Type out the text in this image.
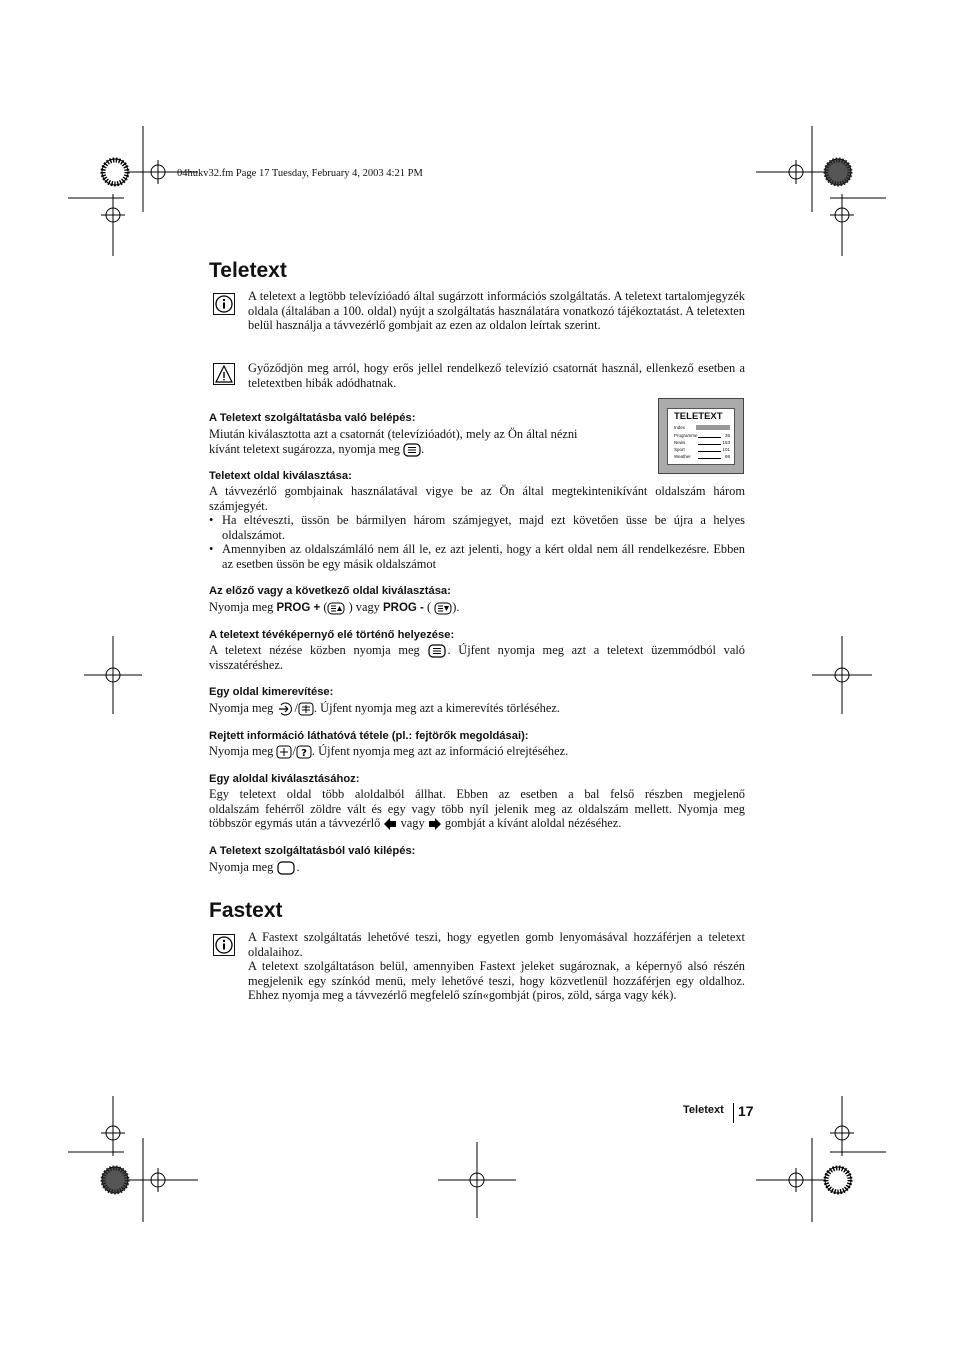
04hukv32.fm Page 17 Tuesday, February 4, 2003 4:21 PM
Teletext
A teletext a legtöbb televízióadó által sugárzott információs szolgáltatás. A teletext tartalomjegyzék oldala (általában a 100. oldal) nyújt a szolgáltatás használatára vonatkozó tájékoztatást. A teletexten belül használja a távvezérlő gombjait az ezen az oldalon leírtak szerint.
Győződjön meg arról, hogy erős jellel rendelkező televízió csatornát használ, ellenkező esetben a teletextben hibák adódhatnak.
TELETEXT
Index
Programme	35
News	153
Sport	101
Weather	98
A Teletext szolgáltatásba való belépés:
Miután kiválasztotta azt a csatornát (televízióadót), mely az Ön által nézni
kívánt teletext sugározza, nyomja meg .
Teletext oldal kiválasztása:
A távvezérlő gombjainak használatával vigye be az Ön által megtekintenikívánt oldalszám három számjegyét.
• Ha eltéveszti, üssön be bármilyen három számjegyet, majd ezt követően üsse be újra a helyes oldalszámot.
• Amennyiben az oldalszámláló nem áll le, ez azt jelenti, hogy a kért oldal nem áll rendelkezésre. Ebben az esetben üssön be egy másik oldalszámot
Az előző vagy a következő oldal kiválasztása:
Nyomja meg PROG + ( ) vagy PROG - ( ).
A teletext tévéképernyő elé történő helyezése:
A teletext nézése közben nyomja meg . Újfent nyomja meg azt a teletext üzemmódból való visszatéréshez.
Egy oldal kimerevítése:
Nyomja meg / . Újfent nyomja meg azt a kimerevítés törléséhez.
Rejtett információ láthatóvá tétele (pl.: fejtörők megoldásai):
Nyomja meg / ? . Újfent nyomja meg azt az információ elrejtéséhez.
Egy aloldal kiválasztásához:
Egy teletext oldal több aloldalból állhat. Ebben az esetben a bal felső részben megjelenő
oldalszám fehérről zöldre vált és egy vagy több nyíl jelenik meg az oldalszám mellett. Nyomja meg
többször egymás után a távvezérlő vagy gombját a kívánt aloldal nézéséhez.
A Teletext szolgáltatásból való kilépés:
Nyomja meg .
Fastext
A Fastext szolgáltatás lehetővé teszi, hogy egyetlen gomb lenyomásával hozzáférjen a teletext oldalaihoz.
A teletext szolgáltatáson belül, amennyiben Fastext jeleket sugároznak, a képernyő alsó részén megjelenik egy színkód menü, mely lehetővé teszi, hogy közvetlenül hozzáférjen egy oldalhoz. Ehhez nyomja meg a távvezérlő megfelelő szín«gombját (piros, zöld, sárga vagy kék).
Teletext 17
